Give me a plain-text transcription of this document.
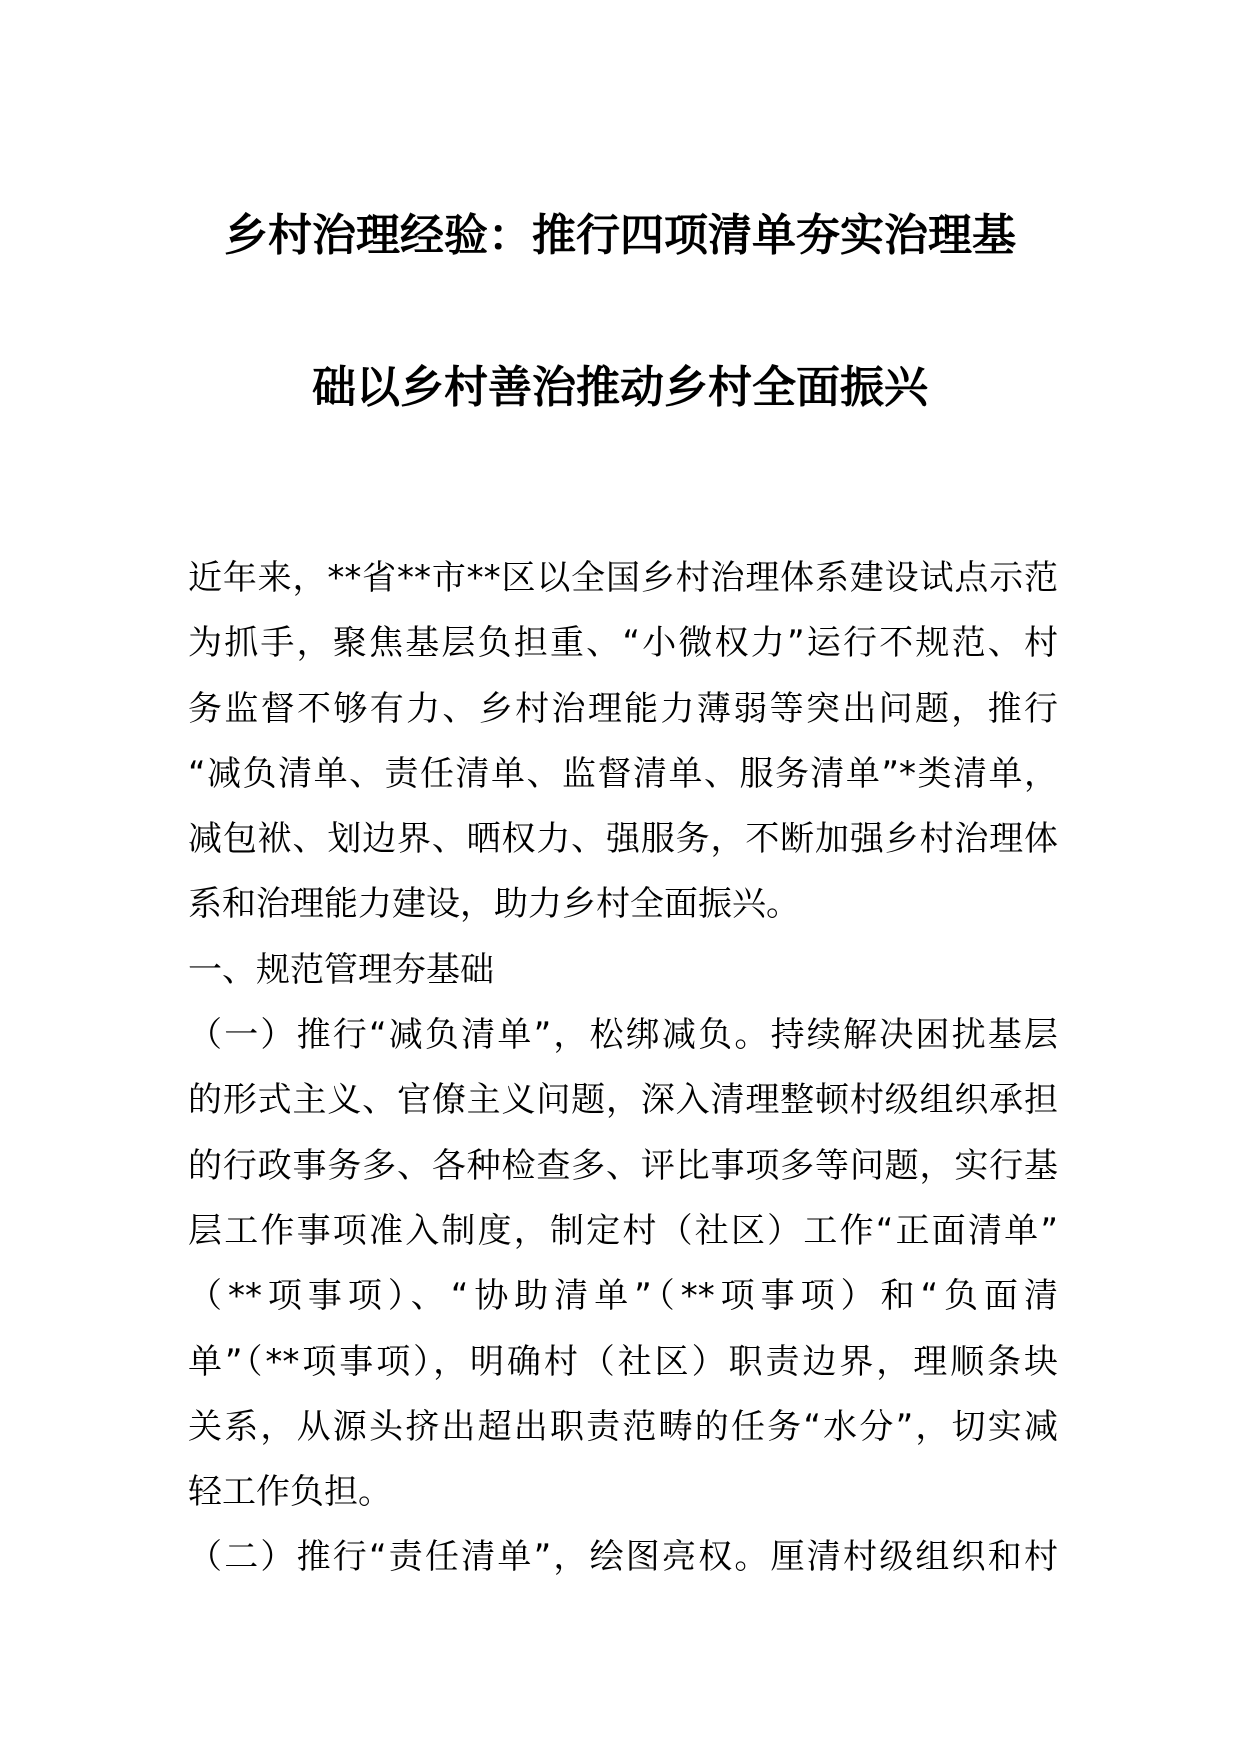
乡村治理经验：推行四项清单夯实治理基
础以乡村善治推动乡村全面振兴
近年来，**省**市**区以全国乡村治理体系建设试点示范
为抓手，聚焦基层负担重、“小微权力”运行不规范、村
务监督不够有力、乡村治理能力薄弱等突出问题，推行
“减负清单、责任清单、监督清单、服务清单”*类清单，
减包袱、划边界、晒权力、强服务，不断加强乡村治理体
系和治理能力建设，助力乡村全面振兴。
一、规范管理夯基础
（一）推行“减负清单”，松绑减负。持续解决困扰基层
的形式主义、官僚主义问题，深入清理整顿村级组织承担
的行政事务多、各种检查多、评比事项多等问题，实行基
层工作事项准入制度，制定村（社区）工作“正面清单”
（**项事项）、“协助清单”（**项事项）和“负面清
单”（**项事项），明确村（社区）职责边界，理顺条块
关系，从源头挤出超出职责范畴的任务“水分”，切实减
轻工作负担。
（二）推行“责任清单”，绘图亮权。厘清村级组织和村
